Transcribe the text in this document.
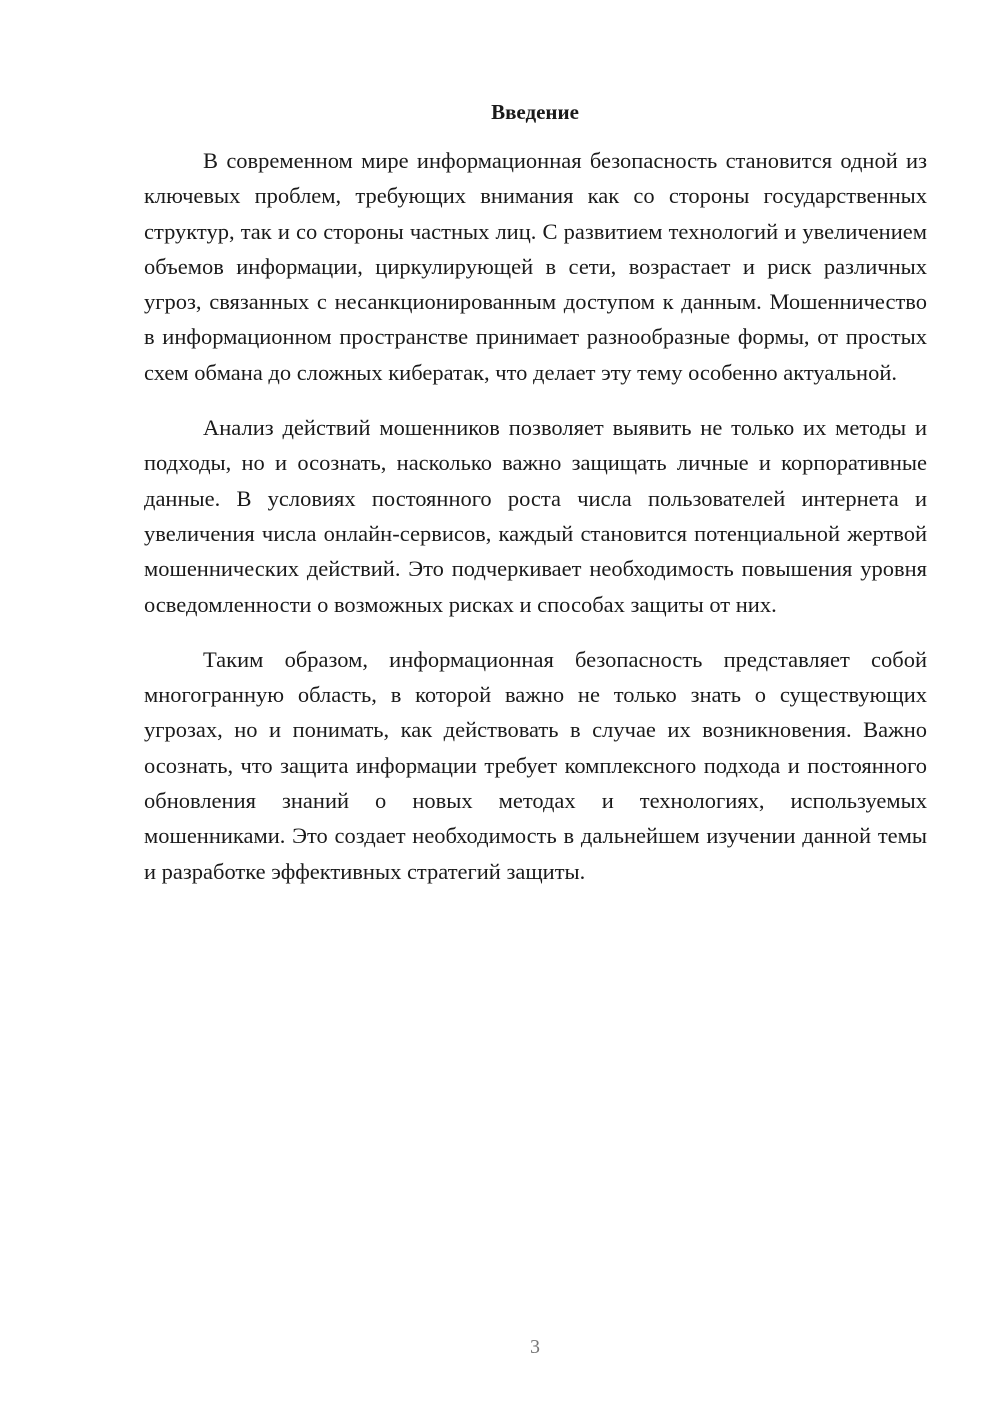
Введение

В современном мире информационная безопасность становится одной из ключевых проблем, требующих внимания как со стороны государственных структур, так и со стороны частных лиц. С развитием технологий и увеличением объемов информации, циркулирующей в сети, возрастает и риск различных угроз, связанных с несанкционированным доступом к данным. Мошенничество в информационном пространстве принимает разнообразные формы, от простых схем обмана до сложных кибератак, что делает эту тему особенно актуальной.

Анализ действий мошенников позволяет выявить не только их методы и подходы, но и осознать, насколько важно защищать личные и корпоративные данные. В условиях постоянного роста числа пользователей интернета и увеличения числа онлайн-сервисов, каждый становится потенциальной жертвой мошеннических действий. Это подчеркивает необходимость повышения уровня осведомленности о возможных рисках и способах защиты от них.

Таким образом, информационная безопасность представляет собой многогранную область, в которой важно не только знать о существующих угрозах, но и понимать, как действовать в случае их возникновения. Важно осознать, что защита информации требует комплексного подхода и постоянного обновления знаний о новых методах и технологиях, используемых мошенниками. Это создает необходимость в дальнейшем изучении данной темы и разработке эффективных стратегий защиты.

3
